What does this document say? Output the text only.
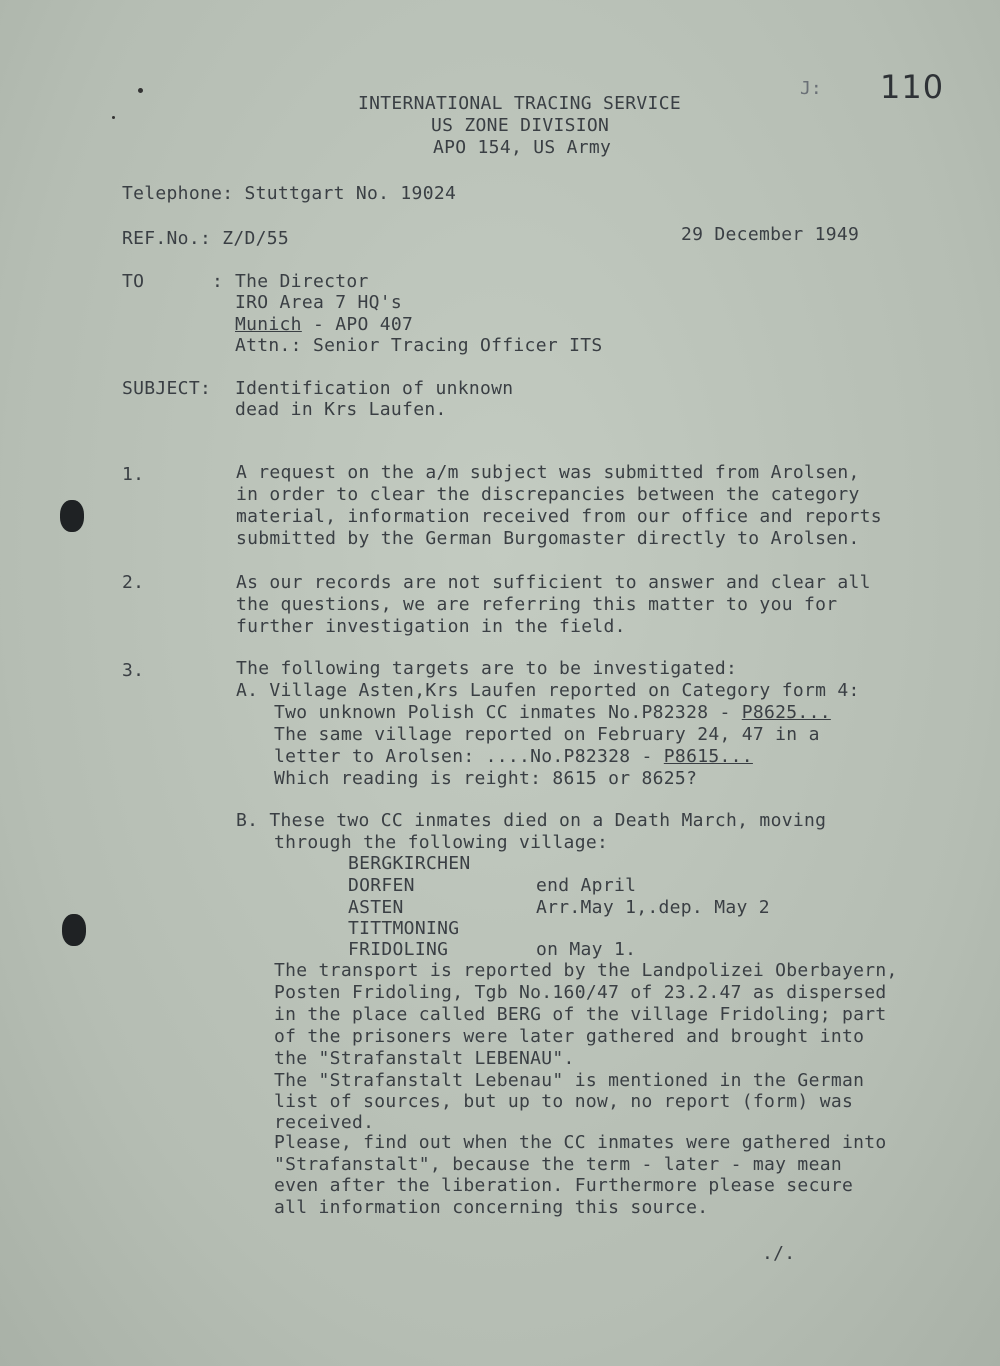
J: 110
INTERNATIONAL TRACING SERVICE
US ZONE DIVISION
APO 154, US Army
Telephone: Stuttgart No. 19024
REF.No.: Z/D/55	29 December 1949
TO	: The Director
IRO Area 7 HQ's
Munich - APO 407
Attn.: Senior Tracing Officer ITS
SUBJECT: Identification of unknown
dead in Krs Laufen.
1.	A request on the a/m subject was submitted from Arolsen,
in order to clear the discrepancies between the category
material, information received from our office and reports
submitted by the German Burgomaster directly to Arolsen.
2.	As our records are not sufficient to answer and clear all
the questions, we are referring this matter to you for
further investigation in the field.
3.	The following targets are to be investigated:
A. Village Asten,Krs Laufen reported on Category form 4:
Two unknown Polish CC inmates No.P82328 - P8625...
The same village reported on February 24, 47 in a
letter to Arolsen: ....No.P82328 - P8615...
Which reading is reight: 8615 or 8625?
B. These two CC inmates died on a Death March, moving
through the following village:
BERGKIRCHEN
DORFEN	end April
ASTEN	Arr.May 1,.dep. May 2
TITTMONING
FRIDOLING	on May 1.
The transport is reported by the Landpolizei Oberbayern,
Posten Fridoling, Tgb No.160/47 of 23.2.47 as dispersed
in the place called BERG of the village Fridoling; part
of the prisoners were later gathered and brought into
the "Strafanstalt LEBENAU".
The "Strafanstalt Lebenau" is mentioned in the German
list of sources, but up to now, no report (form) was
received.
Please, find out when the CC inmates were gathered into
"Strafanstalt", because the term - later - may mean
even after the liberation. Furthermore please secure
all information concerning this source.
./.
